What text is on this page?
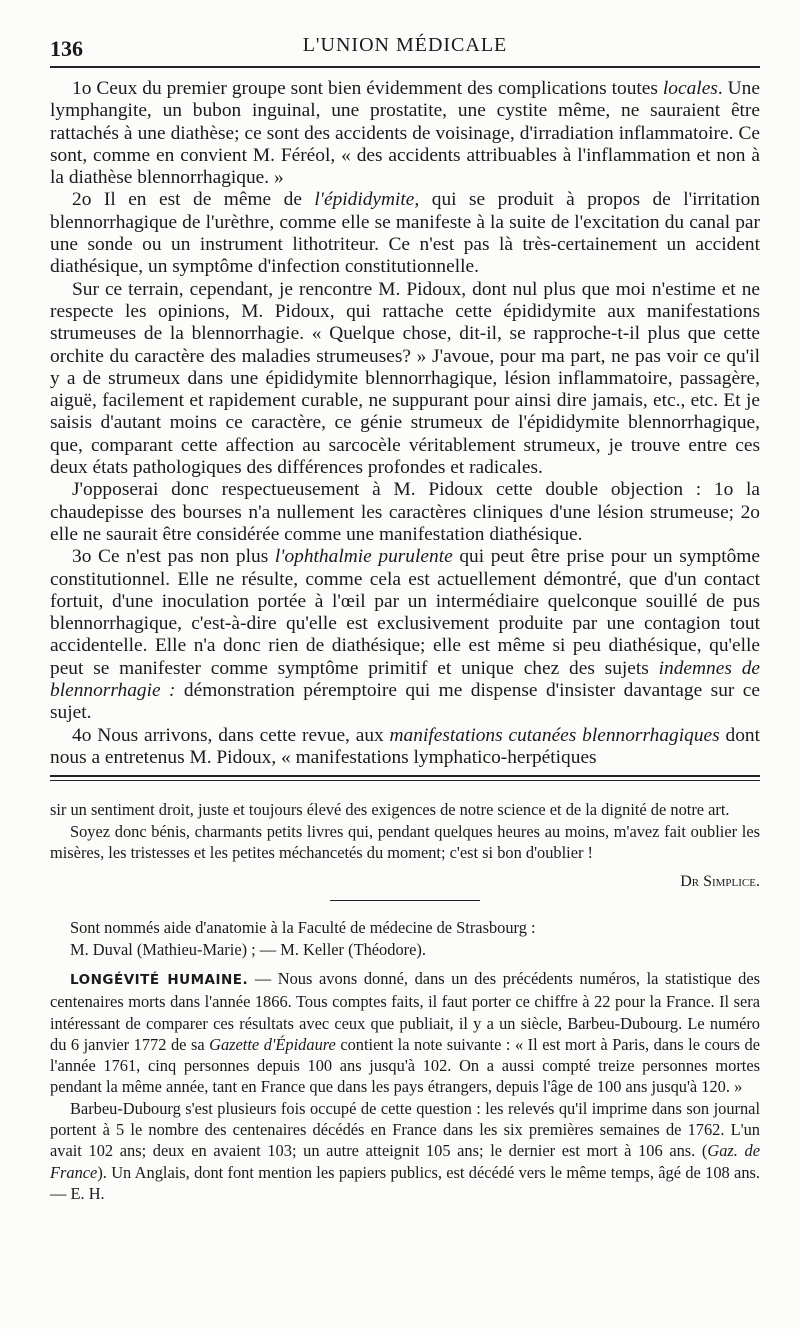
136	L'UNION MÉDICALE

1o Ceux du premier groupe sont bien évidemment des complications toutes locales. Une lymphangite, un bubon inguinal, une prostatite, une cystite même, ne sauraient être rattachés à une diathèse; ce sont des accidents de voisinage, d'irradiation inflammatoire. Ce sont, comme en convient M. Féréol, « des accidents attribuables à l'inflammation et non à la diathèse blennorrhagique. »

2o Il en est de même de l'épididymite, qui se produit à propos de l'irritation blennorrhagique de l'urèthre, comme elle se manifeste à la suite de l'excitation du canal par une sonde ou un instrument lithotriteur. Ce n'est pas là très-certainement un accident diathésique, un symptôme d'infection constitutionnelle.

Sur ce terrain, cependant, je rencontre M. Pidoux, dont nul plus que moi n'estime et ne respecte les opinions, M. Pidoux, qui rattache cette épididymite aux manifestations strumeuses de la blennorrhagie. « Quelque chose, dit-il, se rapproche-t-il plus que cette orchite du caractère des maladies strumeuses? » J'avoue, pour ma part, ne pas voir ce qu'il y a de strumeux dans une épididymite blennorrhagique, lésion inflammatoire, passagère, aiguë, facilement et rapidement curable, ne suppurant pour ainsi dire jamais, etc., etc. Et je saisis d'autant moins ce caractère, ce génie strumeux de l'épididymite blennorrhagique, que, comparant cette affection au sarcocèle véritablement strumeux, je trouve entre ces deux états pathologiques des différences profondes et radicales.

J'opposerai donc respectueusement à M. Pidoux cette double objection : 1o la chaudepisse des bourses n'a nullement les caractères cliniques d'une lésion strumeuse; 2o elle ne saurait être considérée comme une manifestation diathésique.

3o Ce n'est pas non plus l'ophthalmie purulente qui peut être prise pour un symptôme constitutionnel. Elle ne résulte, comme cela est actuellement démontré, que d'un contact fortuit, d'une inoculation portée à l'œil par un intermédiaire quelconque souillé de pus blennorrhagique, c'est-à-dire qu'elle est exclusivement produite par une contagion tout accidentelle. Elle n'a donc rien de diathésique; elle est même si peu diathésique, qu'elle peut se manifester comme symptôme primitif et unique chez des sujets indemnes de blennorrhagie : démonstration péremptoire qui me dispense d'insister davantage sur ce sujet.

4o Nous arrivons, dans cette revue, aux manifestations cutanées blennorrhagiques dont nous a entretenus M. Pidoux, « manifestations lymphatico-herpétiques

sir un sentiment droit, juste et toujours élevé des exigences de notre science et de la dignité de notre art.

Soyez donc bénis, charmants petits livres qui, pendant quelques heures au moins, m'avez fait oublier les misères, les tristesses et les petites méchancetés du moment; c'est si bon d'oublier !

Dr Simplice.

Sont nommés aide d'anatomie à la Faculté de médecine de Strasbourg :

M. Duval (Mathieu-Marie) ; — M. Keller (Théodore).

LONGÉVITÉ HUMAINE. — Nous avons donné, dans un des précédents numéros, la statistique des centenaires morts dans l'année 1866. Tous comptes faits, il faut porter ce chiffre à 22 pour la France. Il sera intéressant de comparer ces résultats avec ceux que publiait, il y a un siècle, Barbeu-Dubourg. Le numéro du 6 janvier 1772 de sa Gazette d'Épidaure contient la note suivante : « Il est mort à Paris, dans le cours de l'année 1761, cinq personnes depuis 100 ans jusqu'à 102. On a aussi compté treize personnes mortes pendant la même année, tant en France que dans les pays étrangers, depuis l'âge de 100 ans jusqu'à 120. »

Barbeu-Dubourg s'est plusieurs fois occupé de cette question : les relevés qu'il imprime dans son journal portent à 5 le nombre des centenaires décédés en France dans les six premières semaines de 1762. L'un avait 102 ans; deux en avaient 103; un autre atteignit 105 ans; le dernier est mort à 106 ans. (Gaz. de France). Un Anglais, dont font mention les papiers publics, est décédé vers le même temps, âgé de 108 ans. — E. H.
